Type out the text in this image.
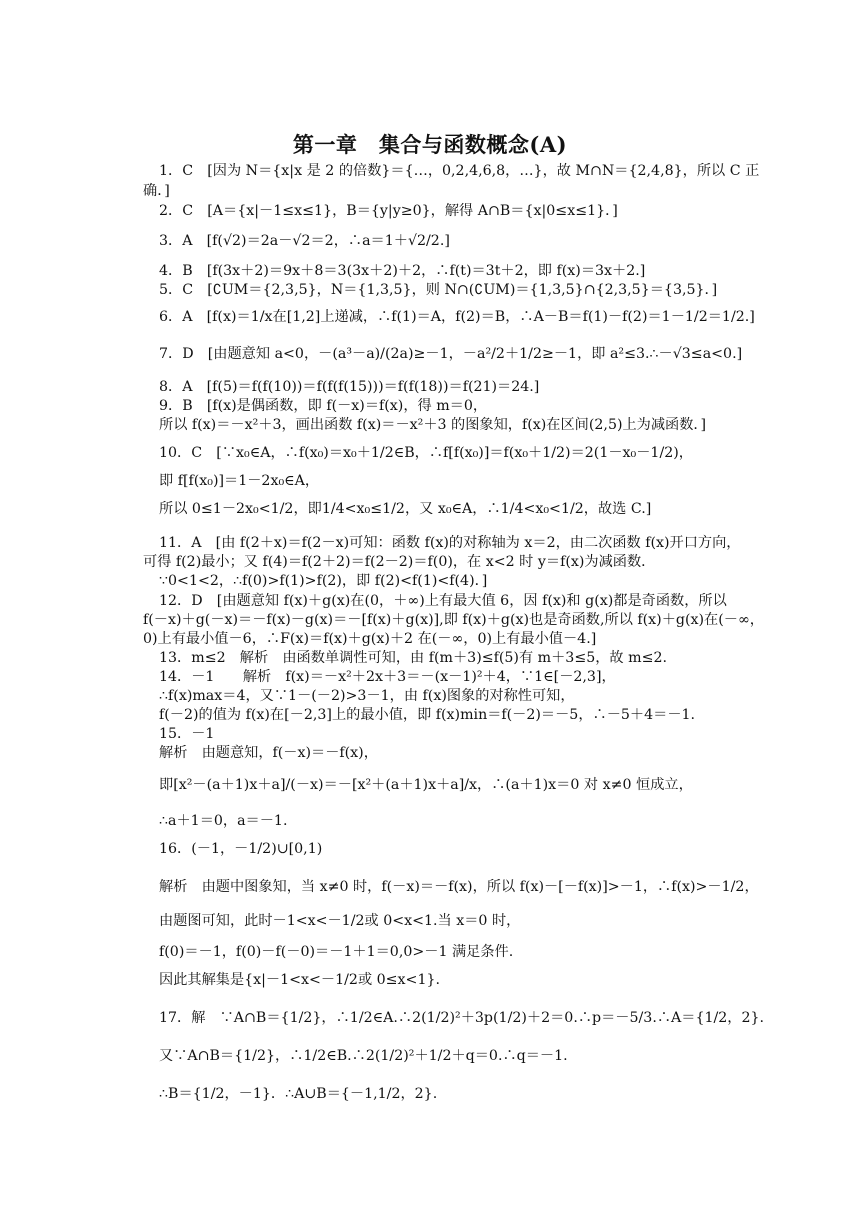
第一章　集合与函数概念(A)
1．C　[因为 N＝{x|x 是 2 的倍数}＝{…，0,2,4,6,8，…}，故 M∩N＝{2,4,8}，所以 C 正
确．]
2．C　[A＝{x|－1≤x≤1}，B＝{y|y≥0}，解得 A∩B＝{x|0≤x≤1}．]
3．A　[f(√2)＝2a－√2＝2，∴a＝1＋√2/2.]
4．B　[f(3x＋2)＝9x＋8＝3(3x＋2)＋2，∴f(t)＝3t＋2，即 f(x)＝3x＋2.]
5．C　[∁UM＝{2,3,5}，N＝{1,3,5}，则 N∩(∁UM)＝{1,3,5}∩{2,3,5}＝{3,5}．]
6．A　[f(x)＝1/x在[1,2]上递减，∴f(1)＝A，f(2)＝B，∴A－B＝f(1)－f(2)＝1－1/2＝1/2.]
7．D　[由题意知 a<0，－(a³－a)/(2a)≥－1，－a²/2＋1/2≥－1，即 a²≤3.∴－√3≤a<0.]
8．A　[f(5)＝f(f(10))＝f(f(f(15)))＝f(f(18))＝f(21)＝24.]
9．B　[f(x)是偶函数，即 f(－x)＝f(x)，得 m＝0，
所以 f(x)＝－x²＋3，画出函数 f(x)＝－x²＋3 的图象知，f(x)在区间(2,5)上为减函数．]
10．C　[∵x₀∈A，∴f(x₀)＝x₀＋1/2∈B，∴f[f(x₀)]＝f(x₀＋1/2)＝2(1－x₀－1/2)，
即 f[f(x₀)]＝1－2x₀∈A，
所以 0≤1－2x₀<1/2，即1/4<x₀≤1/2，又 x₀∈A，∴1/4<x₀<1/2，故选 C.]
11．A　[由 f(2＋x)＝f(2－x)可知：函数 f(x)的对称轴为 x＝2，由二次函数 f(x)开口方向，
可得 f(2)最小；又 f(4)＝f(2＋2)＝f(2－2)＝f(0)，在 x<2 时 y＝f(x)为减函数．
∵0<1<2，∴f(0)>f(1)>f(2)，即 f(2)<f(1)<f(4)．]
12．D　[由题意知 f(x)＋g(x)在(0，＋∞)上有最大值 6，因 f(x)和 g(x)都是奇函数，所以
f(－x)＋g(－x)＝－f(x)－g(x)＝－[f(x)＋g(x)],即 f(x)＋g(x)也是奇函数,所以 f(x)＋g(x)在(－∞，
0)上有最小值－6，∴F(x)＝f(x)＋g(x)＋2 在(－∞，0)上有最小值－4.]
13．m≤2　解析　由函数单调性可知，由 f(m＋3)≤f(5)有 m＋3≤5，故 m≤2.
14．－1　　解析　f(x)＝－x²＋2x＋3＝－(x－1)²＋4，∵1∈[－2,3]，
∴f(x)max＝4，又∵1－(－2)>3－1，由 f(x)图象的对称性可知，
f(－2)的值为 f(x)在[－2,3]上的最小值，即 f(x)min＝f(－2)＝－5，∴－5＋4＝－1.
15．－1
解析　由题意知，f(－x)＝－f(x)，
即[x²－(a＋1)x＋a]/(－x)＝－[x²＋(a＋1)x＋a]/x，∴(a＋1)x＝0 对 x≠0 恒成立，
∴a＋1＝0，a＝－1.
16．(－1，－1/2)∪[0,1)
解析　由题中图象知，当 x≠0 时，f(－x)＝－f(x)，所以 f(x)－[－f(x)]>－1，∴f(x)>－1/2，
由题图可知，此时－1<x<－1/2或 0<x<1.当 x＝0 时，
f(0)＝－1，f(0)－f(－0)＝－1＋1＝0,0>－1 满足条件.
因此其解集是{x|－1<x<－1/2或 0≤x<1}.
17．解　∵A∩B＝{1/2}，∴1/2∈A.∴2(1/2)²＋3p(1/2)＋2＝0.∴p＝－5/3.∴A＝{1/2，2}.
又∵A∩B＝{1/2}，∴1/2∈B.∴2(1/2)²＋1/2＋q＝0.∴q＝－1.
∴B＝{1/2，－1}．∴A∪B＝{－1,1/2，2}.
